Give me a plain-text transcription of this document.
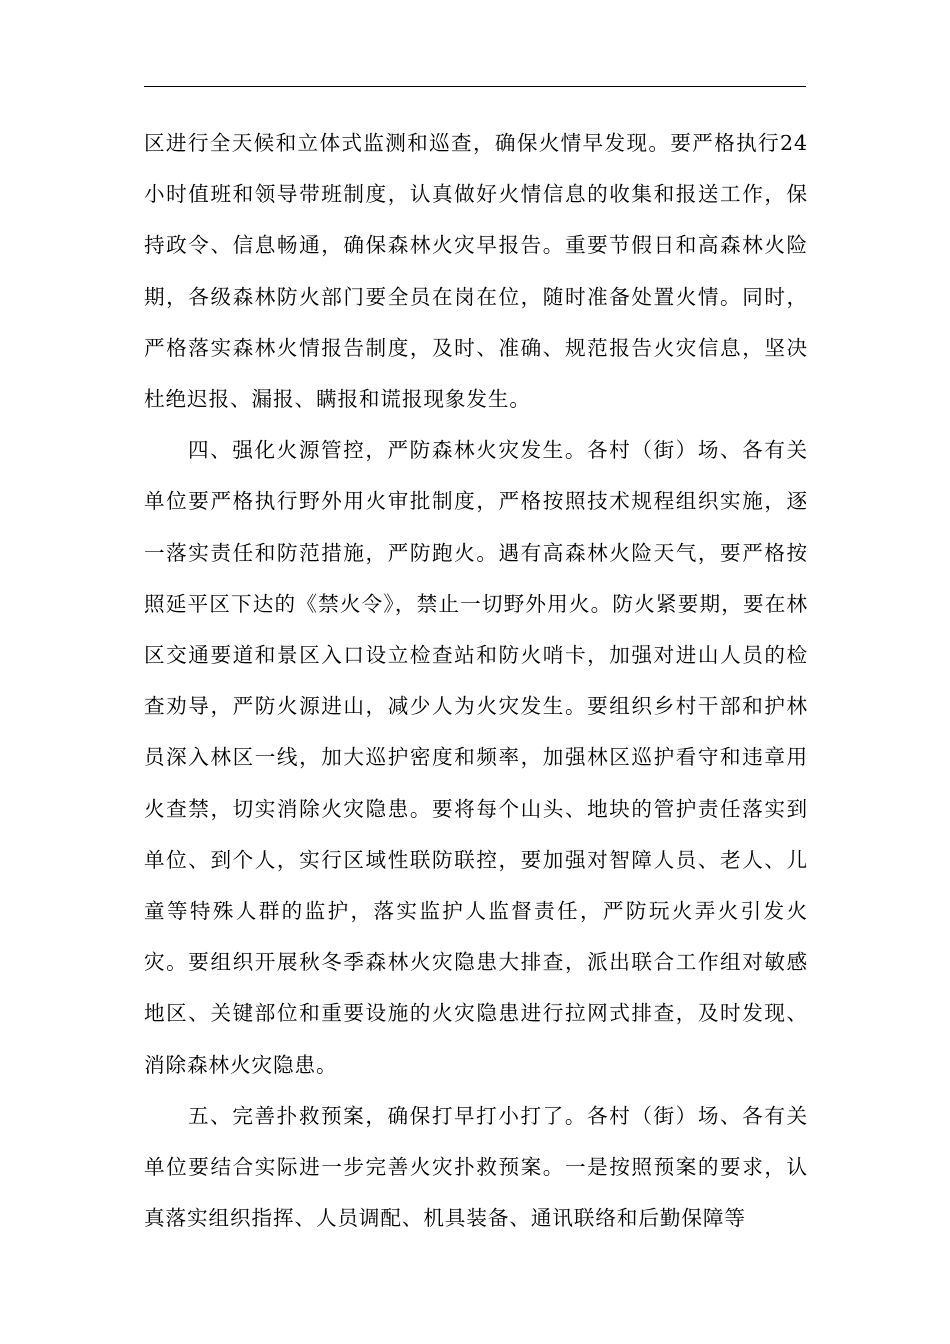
区进行全天候和立体式监测和巡查，确保火情早发现。要严格执行24小时值班和领导带班制度，认真做好火情信息的收集和报送工作，保持政令、信息畅通，确保森林火灾早报告。重要节假日和高森林火险期，各级森林防火部门要全员在岗在位，随时准备处置火情。同时，严格落实森林火情报告制度，及时、准确、规范报告火灾信息，坚决杜绝迟报、漏报、瞒报和谎报现象发生。

四、强化火源管控，严防森林火灾发生。各村（街）场、各有关单位要严格执行野外用火审批制度，严格按照技术规程组织实施，逐一落实责任和防范措施，严防跑火。遇有高森林火险天气，要严格按照延平区下达的《禁火令》，禁止一切野外用火。防火紧要期，要在林区交通要道和景区入口设立检查站和防火哨卡，加强对进山人员的检查劝导，严防火源进山，减少人为火灾发生。要组织乡村干部和护林员深入林区一线，加大巡护密度和频率，加强林区巡护看守和违章用火查禁，切实消除火灾隐患。要将每个山头、地块的管护责任落实到单位、到个人，实行区域性联防联控，要加强对智障人员、老人、儿童等特殊人群的监护，落实监护人监督责任，严防玩火弄火引发火灾。要组织开展秋冬季森林火灾隐患大排查，派出联合工作组对敏感地区、关键部位和重要设施的火灾隐患进行拉网式排查，及时发现、消除森林火灾隐患。

五、完善扑救预案，确保打早打小打了。各村（街）场、各有关单位要结合实际进一步完善火灾扑救预案。一是按照预案的要求，认真落实组织指挥、人员调配、机具装备、通讯联络和后勤保障等
